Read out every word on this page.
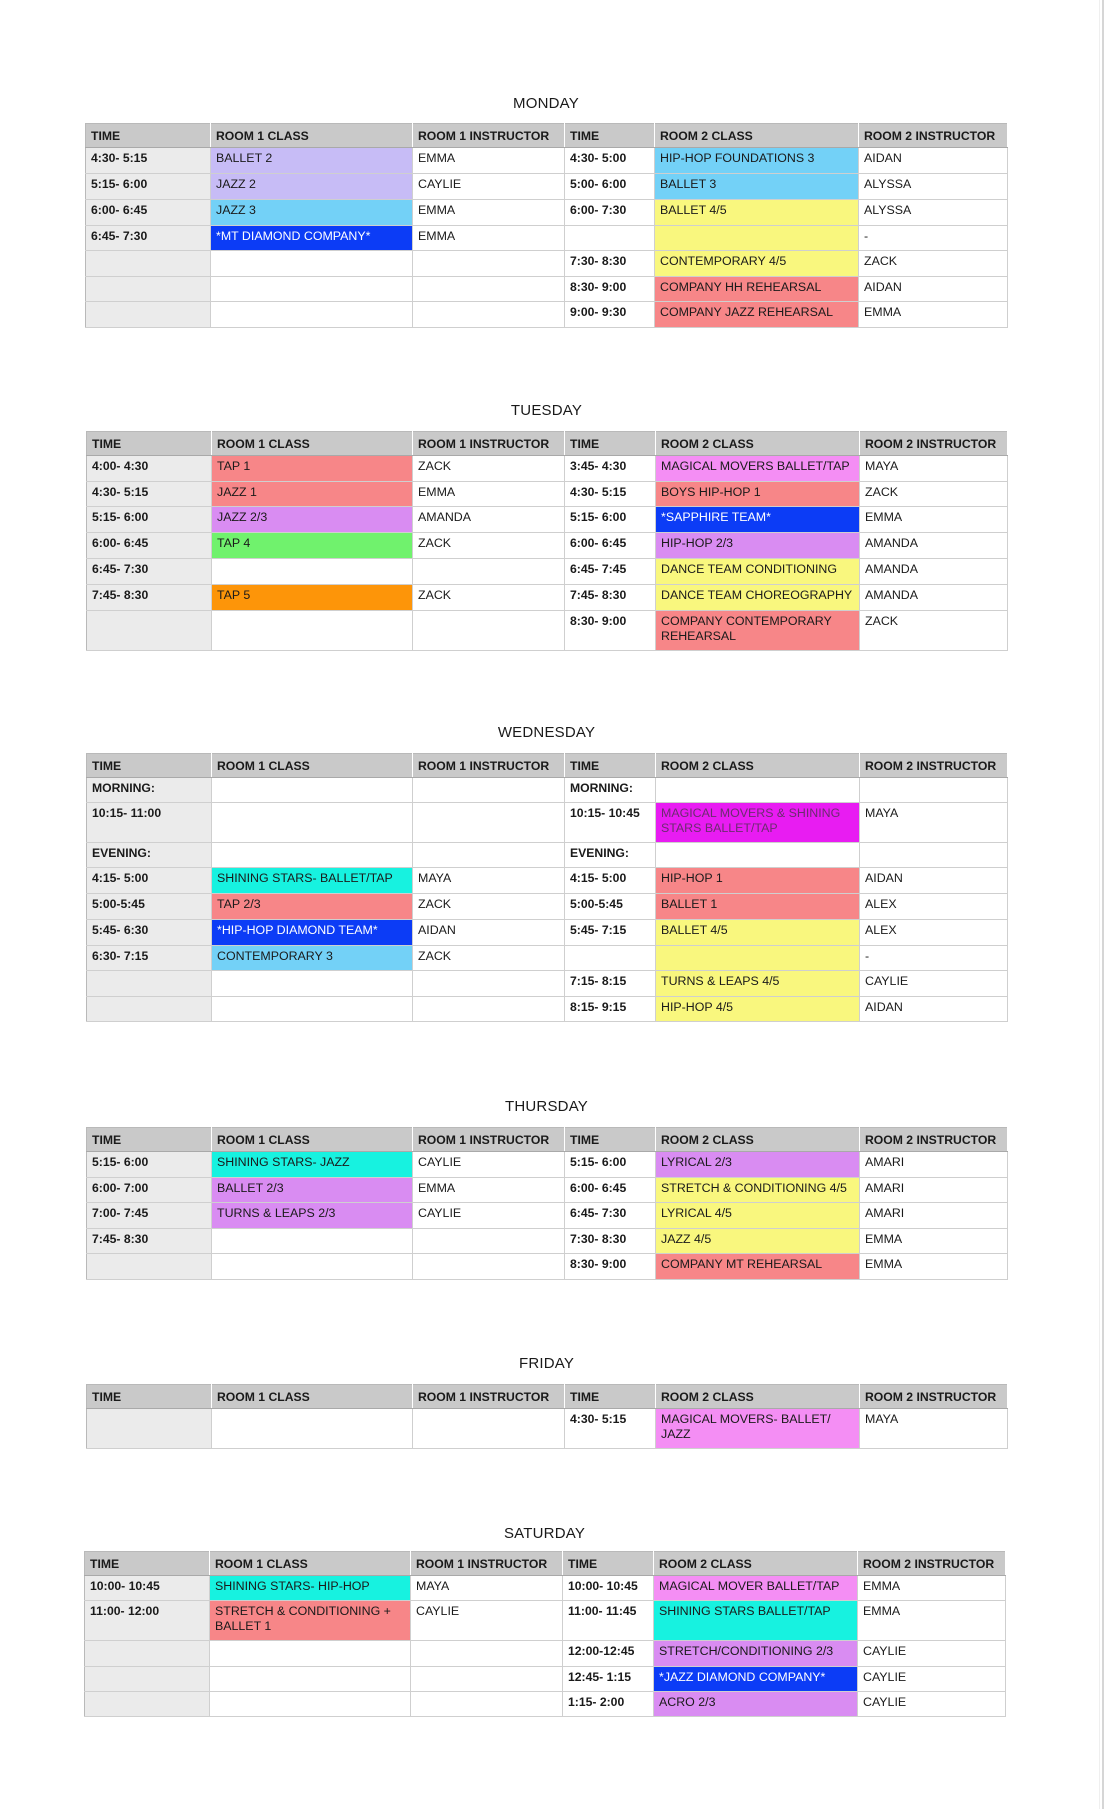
MONDAY
TIME	ROOM 1 CLASS	ROOM 1 INSTRUCTOR	TIME	ROOM 2 CLASS	ROOM 2 INSTRUCTOR
4:30- 5:15	BALLET 2	EMMA	4:30- 5:00	HIP-HOP FOUNDATIONS 3	AIDAN
5:15- 6:00	JAZZ 2	CAYLIE	5:00- 6:00	BALLET 3	ALYSSA
6:00- 6:45	JAZZ 3	EMMA	6:00- 7:30	BALLET 4/5	ALYSSA
6:45- 7:30	*MT DIAMOND COMPANY*	EMMA			-
			7:30- 8:30	CONTEMPORARY 4/5	ZACK
			8:30- 9:00	COMPANY HH REHEARSAL	AIDAN
			9:00- 9:30	COMPANY JAZZ REHEARSAL	EMMA
TUESDAY
TIME	ROOM 1 CLASS	ROOM 1 INSTRUCTOR	TIME	ROOM 2 CLASS	ROOM 2 INSTRUCTOR
4:00- 4:30	TAP 1	ZACK	3:45- 4:30	MAGICAL MOVERS BALLET/TAP	MAYA
4:30- 5:15	JAZZ 1	EMMA	4:30- 5:15	BOYS HIP-HOP 1	ZACK
5:15- 6:00	JAZZ 2/3	AMANDA	5:15- 6:00	*SAPPHIRE TEAM*	EMMA
6:00- 6:45	TAP 4	ZACK	6:00- 6:45	HIP-HOP 2/3	AMANDA
6:45- 7:30			6:45- 7:45	DANCE TEAM CONDITIONING	AMANDA
7:45- 8:30	TAP 5	ZACK	7:45- 8:30	DANCE TEAM CHOREOGRAPHY	AMANDA
			8:30- 9:00	COMPANY CONTEMPORARY REHEARSAL	ZACK
WEDNESDAY
TIME	ROOM 1 CLASS	ROOM 1 INSTRUCTOR	TIME	ROOM 2 CLASS	ROOM 2 INSTRUCTOR
MORNING:			MORNING:		
10:15- 11:00			10:15- 10:45	MAGICAL MOVERS & SHINING STARS BALLET/TAP	MAYA
EVENING:			EVENING:		
4:15- 5:00	SHINING STARS- BALLET/TAP	MAYA	4:15- 5:00	HIP-HOP 1	AIDAN
5:00-5:45	TAP 2/3	ZACK	5:00-5:45	BALLET 1	ALEX
5:45- 6:30	*HIP-HOP DIAMOND TEAM*	AIDAN	5:45- 7:15	BALLET 4/5	ALEX
6:30- 7:15	CONTEMPORARY 3	ZACK			-
			7:15- 8:15	TURNS & LEAPS 4/5	CAYLIE
			8:15- 9:15	HIP-HOP 4/5	AIDAN
THURSDAY
TIME	ROOM 1 CLASS	ROOM 1 INSTRUCTOR	TIME	ROOM 2 CLASS	ROOM 2 INSTRUCTOR
5:15- 6:00	SHINING STARS- JAZZ	CAYLIE	5:15- 6:00	LYRICAL 2/3	AMARI
6:00- 7:00	BALLET 2/3	EMMA	6:00- 6:45	STRETCH & CONDITIONING 4/5	AMARI
7:00- 7:45	TURNS & LEAPS 2/3	CAYLIE	6:45- 7:30	LYRICAL 4/5	AMARI
7:45- 8:30			7:30- 8:30	JAZZ 4/5	EMMA
			8:30- 9:00	COMPANY MT REHEARSAL	EMMA
FRIDAY
TIME	ROOM 1 CLASS	ROOM 1 INSTRUCTOR	TIME	ROOM 2 CLASS	ROOM 2 INSTRUCTOR
			4:30- 5:15	MAGICAL MOVERS- BALLET/ JAZZ	MAYA
SATURDAY
TIME	ROOM 1 CLASS	ROOM 1 INSTRUCTOR	TIME	ROOM 2 CLASS	ROOM 2 INSTRUCTOR
10:00- 10:45	SHINING STARS- HIP-HOP	MAYA	10:00- 10:45	MAGICAL MOVER BALLET/TAP	EMMA
11:00- 12:00	STRETCH & CONDITIONING + BALLET 1	CAYLIE	11:00- 11:45	SHINING STARS BALLET/TAP	EMMA
			12:00-12:45	STRETCH/CONDITIONING 2/3	CAYLIE
			12:45- 1:15	*JAZZ DIAMOND COMPANY*	CAYLIE
			1:15- 2:00	ACRO 2/3	CAYLIE
